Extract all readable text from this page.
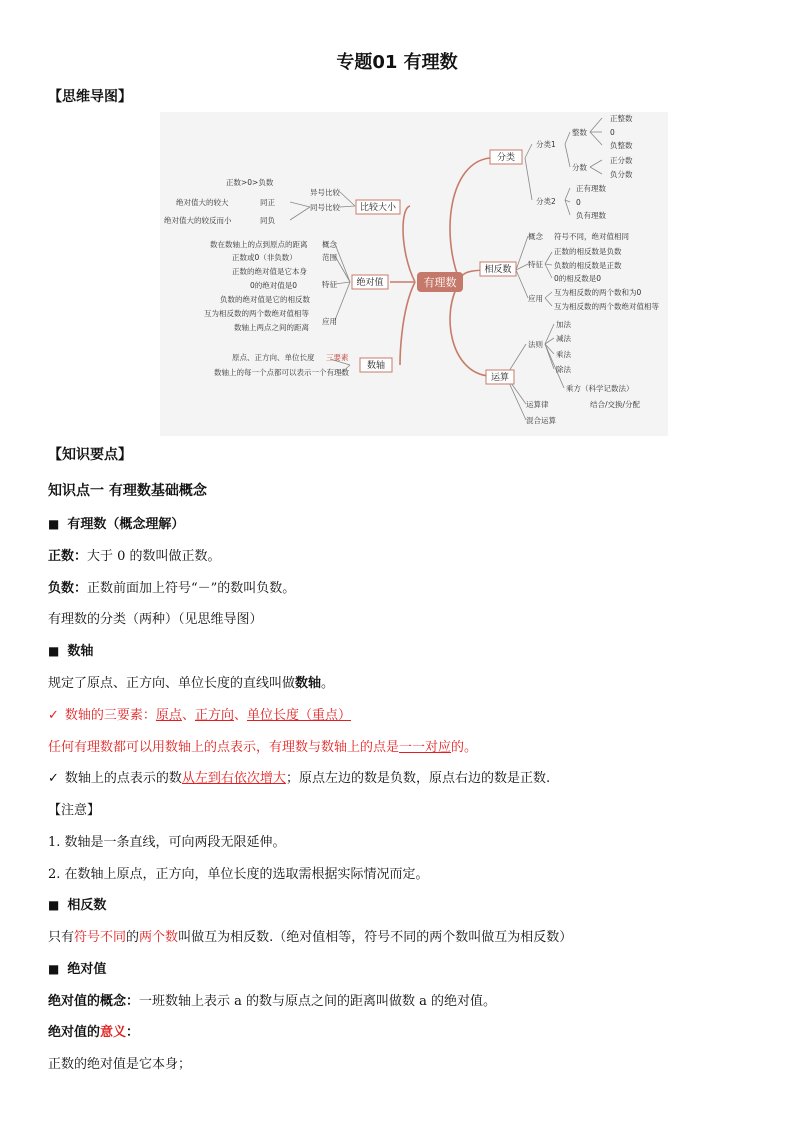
专题01 有理数
【思维导图】
有理数
分类
相反数
运算
比较大小
绝对值
数轴
分类1
分类2
整数
分数
正整数
0
负整数
正分数
负分数
正有理数
0
负有理数
概念 符号不同，绝对值相同
特征
正数的相反数是负数
负数的相反数是正数
0的相反数是0
应用
互为相反数的两个数和为0
互为相反数的两个数绝对值相等
法则
加法
减法
乘法
除法
乘方（科学记数法）
运算律	结合/交换/分配
混合运算
异号比较
正数>0>负数
同号比较
同正
绝对值大的较大
同负
绝对值大的较反而小
概念
数在数轴上的点到原点的距离
范围
正数或0（非负数）
特征
正数的绝对值是它本身
0的绝对值是0
负数的绝对值是它的相反数
应用
互为相反数的两个数绝对值相等
数轴上两点之间的距离
三要素
原点、正方向、单位长度
数轴上的每一个点都可以表示一个有理数
【知识要点】
知识点一 有理数基础概念
■ 有理数（概念理解）
正数：大于 0 的数叫做正数。
负数：正数前面加上符号“－”的数叫负数。
有理数的分类（两种）（见思维导图）
■ 数轴
规定了原点、正方向、单位长度的直线叫做数轴。
✓ 数轴的三要素：原点、正方向、单位长度（重点）
任何有理数都可以用数轴上的点表示，有理数与数轴上的点是一一对应的。
✓ 数轴上的点表示的数从左到右依次增大；原点左边的数是负数，原点右边的数是正数.
【注意】
1. 数轴是一条直线，可向两段无限延伸。
2. 在数轴上原点，正方向，单位长度的选取需根据实际情况而定。
■ 相反数
只有符号不同的两个数叫做互为相反数.（绝对值相等，符号不同的两个数叫做互为相反数）
■ 绝对值
绝对值的概念：一班数轴上表示 a 的数与原点之间的距离叫做数 a 的绝对值。
绝对值的意义：
正数的绝对值是它本身；
